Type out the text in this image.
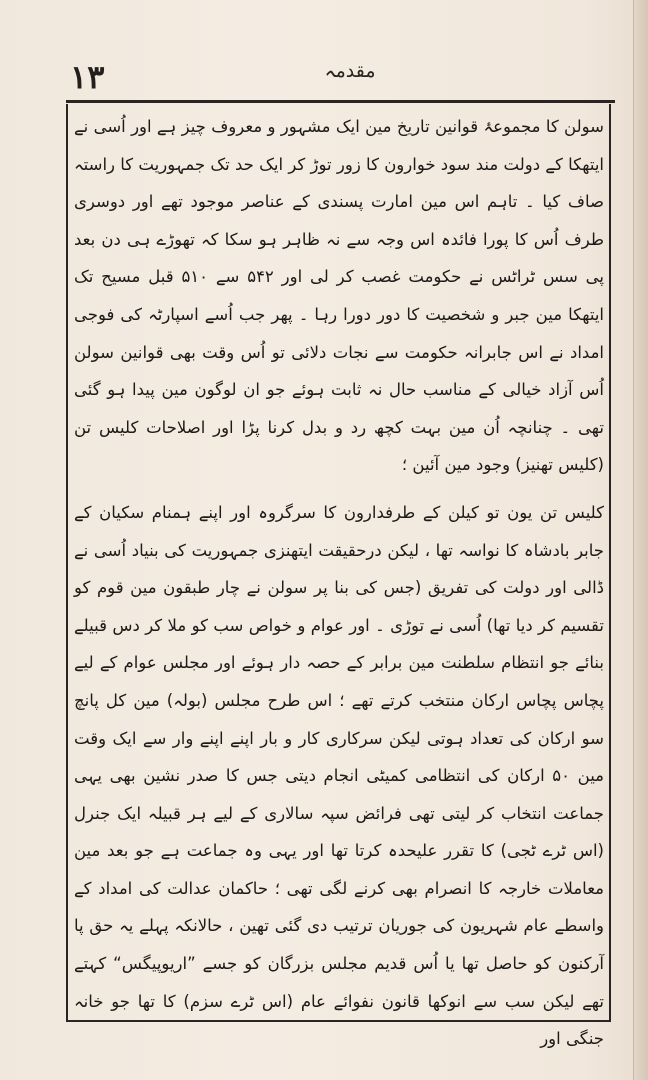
۱۳	مقدمہ

سولن کا مجموعۂ قوانین تاریخ مین ایک مشہور و معروف چیز ہے اور اُسی نے ایتھکا کے دولت مند سود خوارون کا زور توڑ کر ایک حد تک جمہوریت کا راستہ صاف کیا ۔ تاہم اس مین امارت پسندی کے عناصر موجود تھے اور دوسری طرف اُس کا پورا فائدہ اس وجہ سے نہ ظاہر ہو سکا کہ تھوڑے ہی دن بعد پی سس ٹراٹس نے حکومت غصب کر لی اور ۵۴۲ سے ۵۱۰ قبل مسیح تک ایتھکا مین جبر و شخصیت کا دور دورا رہا ۔ پھر جب اُسے اسپارٹہ کی فوجی امداد نے اس جابرانہ حکومت سے نجات دلائی تو اُس وقت بھی قوانین سولن اُس آزاد خیالی کے مناسب حال نہ ثابت ہوئے جو ان لوگون مین پیدا ہو گئی تھی ۔ چنانچہ اُن مین بہت کچھ رد و بدل کرنا پڑا اور اصلاحات کلیس تن (کلیس تھنیز) وجود مین آئین ؛

کلیس تن یون تو کیلن کے طرفدارون کا سرگروہ اور اپنے ہمنام سکیان کے جابر بادشاہ کا نواسہ تھا ، لیکن درحقیقت ایتھنزی جمہوریت کی بنیاد اُسی نے ڈالی اور دولت کی تفریق (جس کی بنا پر سولن نے چار طبقون مین قوم کو تقسیم کر دیا تھا) اُسی نے توڑی ۔ اور عوام و خواص سب کو ملا کر دس قبیلے بنائے جو انتظام سلطنت مین برابر کے حصہ دار ہوئے اور مجلس عوام کے لیے پچاس پچاس ارکان منتخب کرتے تھے ؛ اس طرح مجلس (بولہ) مین کل پانچ سو ارکان کی تعداد ہوتی لیکن سرکاری کار و بار اپنے اپنے وار سے ایک وقت مین ۵۰ ارکان کی انتظامی کمیٹی انجام دیتی جس کا صدر نشین بھی یہی جماعت انتخاب کر لیتی تھی فرائض سپہ سالاری کے لیے ہر قبیلہ ایک جنرل (اس ٹرے ٹجی) کا تقرر علیحدہ کرتا تھا اور یہی وہ جماعت ہے جو بعد مین معاملات خارجہ کا انصرام بھی کرنے لگی تھی ؛ حاکمان عدالت کی امداد کے واسطے عام شہریون کی جوریان ترتیب دی گئی تھین ، حالانکہ پہلے یہ حق پا آرکنون کو حاصل تھا یا اُس قدیم مجلس بزرگان کو جسے ”اریوپیگس“ کہتے تھے لیکن سب سے انوکھا قانون نفوائے عام (اس ٹرے سزم) کا تھا جو خانہ جنگی اور
